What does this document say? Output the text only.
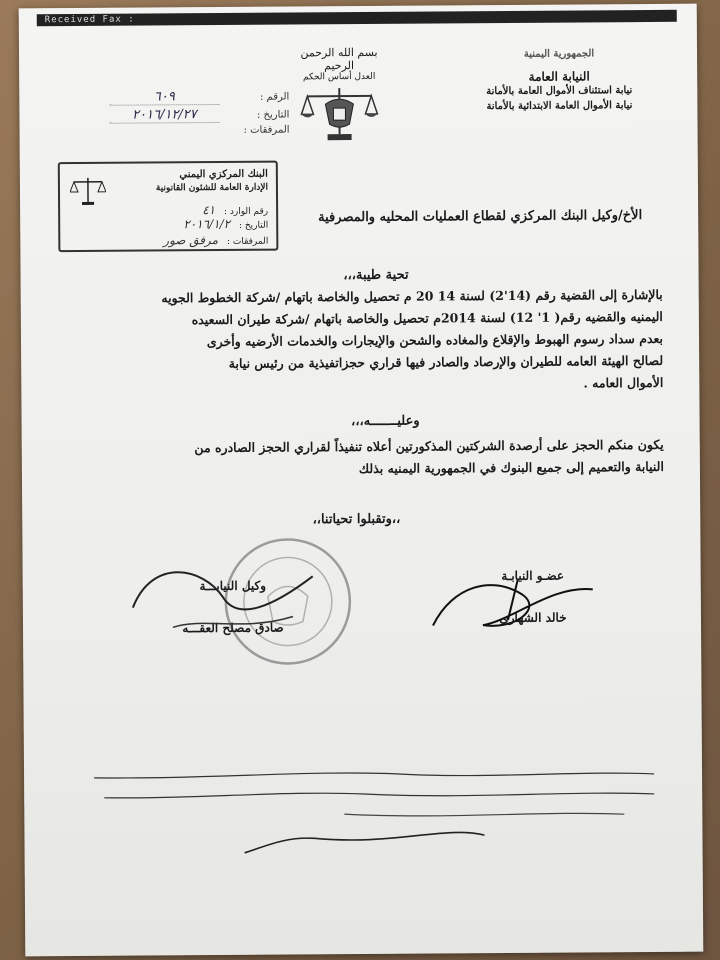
Received Fax :
الجمهورية اليمنية
النيابة العامة
نيابة استئناف الأموال العامة بالأمانة
نيابة الأموال العامة الابتدائية بالأمانة
بسم الله الرحمن الرحيم
العدل أساس الحكم
الرقم :
٦٠٩
التاريخ :
٢٠١٦/١٢/٢٧
المرفقات :
البنك المركزي اليمني
الإدارة العامة للشئون القانونية
رقم الوارد : ٤١
التاريخ : ٢٠١٦/١/٢
المرفقات : مرفق صور
الأخ/وكيل البنك المركزي لقطاع العمليات المحليه والمصرفية
تحية طيبة،،،

بالإشارة إلى القضية رقم (14'2) لسنة 14 20 م تحصيل والخاصة باتهام /شركة الخطوط الجويه

اليمنيه والقضيه رقم( 1' 12) لسنة 2014م تحصيل والخاصة باتهام /شركة طيران السعيده

بعدم سداد رسوم الهبوط والإقلاع والمغاده والشحن والإيجارات والخدمات الأرضيه وأخرى

لصالح الهيئة العامه للطيران والإرصاد والصادر فيها قراري حجزاتفيذية من رئيس نيابة

الأموال العامه .

وعليـــــــه،،،

يكون منكم الحجز على أرصدة الشركتين المذكورتين أعلاه تنفيذاً لقراري الحجز الصادره من

النيابة والتعميم إلى جميع البنوك في الجمهورية اليمنيه بذلك

،،وتقبلوا تحياتنا،،
وكيل النيابـــة
صادق مصلح العقـــه
عضـو النيابـة
خالد الشهاري
